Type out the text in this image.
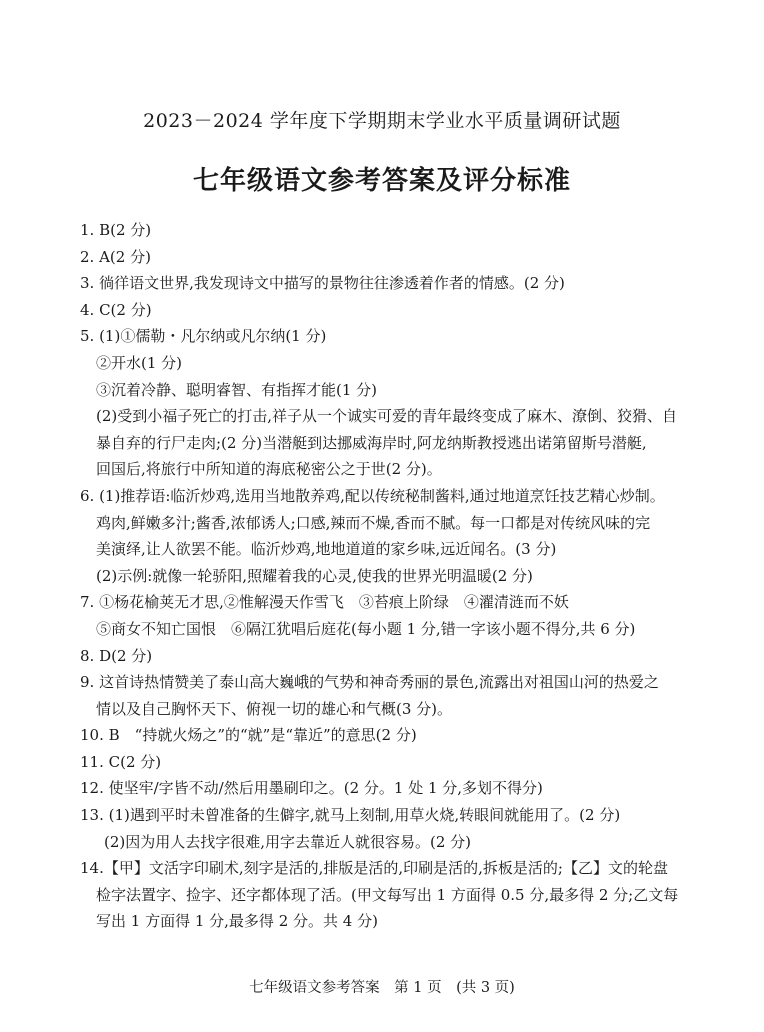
2023－2024 学年度下学期期末学业水平质量调研试题
七年级语文参考答案及评分标准
1. B(2 分)
2. A(2 分)
3. 徜徉语文世界,我发现诗文中描写的景物往往渗透着作者的情感。(2 分)
4. C(2 分)
5. (1)①儒勒・凡尔纳或凡尔纳(1 分)
②开水(1 分)
③沉着冷静、聪明睿智、有指挥才能(1 分)
(2)受到小福子死亡的打击,祥子从一个诚实可爱的青年最终变成了麻木、潦倒、狡猾、自
暴自弃的行尸走肉;(2 分)当潜艇到达挪威海岸时,阿龙纳斯教授逃出诺第留斯号潜艇,
回国后,将旅行中所知道的海底秘密公之于世(2 分)。
6. (1)推荐语:临沂炒鸡,选用当地散养鸡,配以传统秘制酱料,通过地道烹饪技艺精心炒制。
鸡肉,鲜嫩多汁;酱香,浓郁诱人;口感,辣而不燥,香而不腻。每一口都是对传统风味的完
美演绎,让人欲罢不能。临沂炒鸡,地地道道的家乡味,远近闻名。(3 分)
(2)示例:就像一轮骄阳,照耀着我的心灵,使我的世界光明温暖(2 分)
7. ①杨花榆荚无才思,②惟解漫天作雪飞　③苔痕上阶绿　④濯清涟而不妖
⑤商女不知亡国恨　⑥隔江犹唱后庭花(每小题 1 分,错一字该小题不得分,共 6 分)
8. D(2 分)
9. 这首诗热情赞美了泰山高大巍峨的气势和神奇秀丽的景色,流露出对祖国山河的热爱之
情以及自己胸怀天下、俯视一切的雄心和气概(3 分)。
10. B　“持就火炀之”的“就”是“靠近”的意思(2 分)
11. C(2 分)
12. 使坚牢/字皆不动/然后用墨刷印之。(2 分。1 处 1 分,多划不得分)
13. (1)遇到平时未曾准备的生僻字,就马上刻制,用草火烧,转眼间就能用了。(2 分)
(2)因为用人去找字很难,用字去靠近人就很容易。(2 分)
14.【甲】文活字印刷术,刻字是活的,排版是活的,印刷是活的,拆板是活的;【乙】文的轮盘
检字法置字、捡字、还字都体现了活。(甲文每写出 1 方面得 0.5 分,最多得 2 分;乙文每
写出 1 方面得 1 分,最多得 2 分。共 4 分)
七年级语文参考答案　第 1 页　(共 3 页)
